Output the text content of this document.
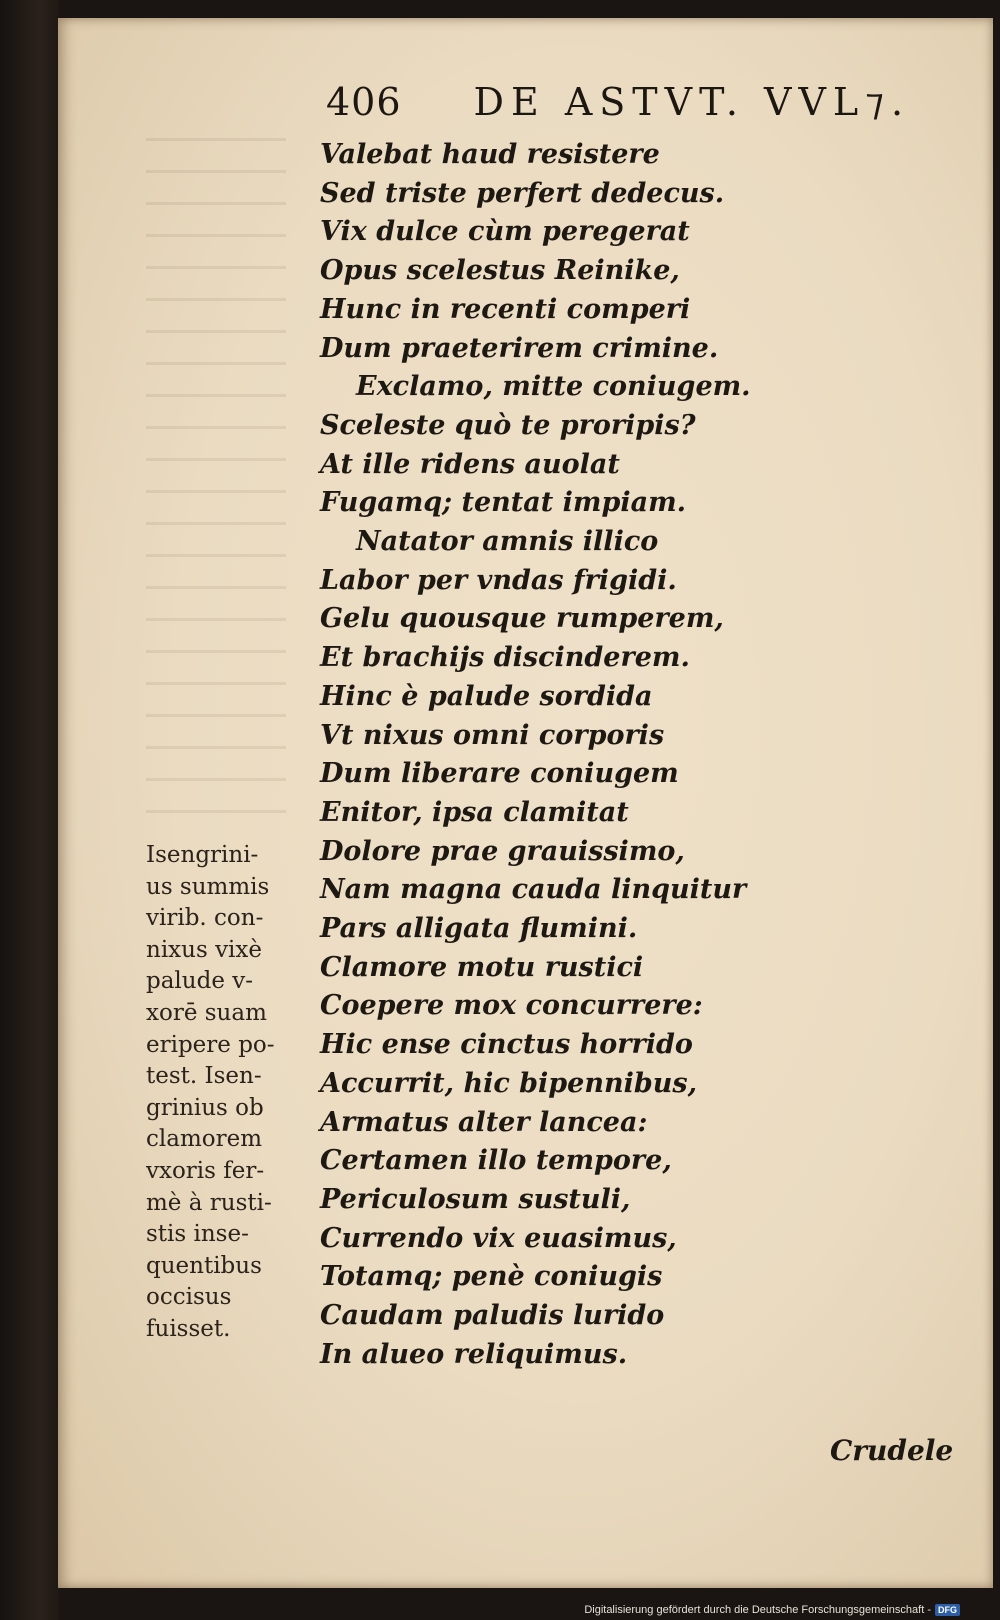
406 DE ASTVT. VVL⁊.
Valebat haud resistere
Sed triste perfert dedecus.
Vix dulce cùm peregerat
Opus scelestus Reinike,
Hunc in recenti comperi
Dum praeterirem crimine.
Exclamo, mitte coniugem.
Sceleste quò te proripis?
At ille ridens auolat
Fugamq; tentat impiam.
Natator amnis illico
Labor per vndas frigidi.
Gelu quousque rumperem,
Et brachijs discinderem.
Hinc è palude sordida
Vt nixus omni corporis
Dum liberare coniugem
Enitor, ipsa clamitat
Dolore prae grauissimo,
Nam magna cauda linquitur
Pars alligata flumini.
Clamore motu rustici
Coepere mox concurrere:
Hic ense cinctus horrido
Accurrit, hic bipennibus,
Armatus alter lancea:
Certamen illo tempore,
Periculosum sustuli,
Currendo vix euasimus,
Totamq; penè coniugis
Caudam paludis lurido
In alueo reliquimus.
Isengrini-
us summis
virib. con-
nixus vixè
palude v-
xorē suam
eripere po-
test. Isen-
grinius ob
clamorem
vxoris fer-
mè à rusti-
stis inse-
quentibus
occisus
fuisset.
Crudele
Digitalisierung gefördert durch die Deutsche Forschungsgemeinschaft - DFG
